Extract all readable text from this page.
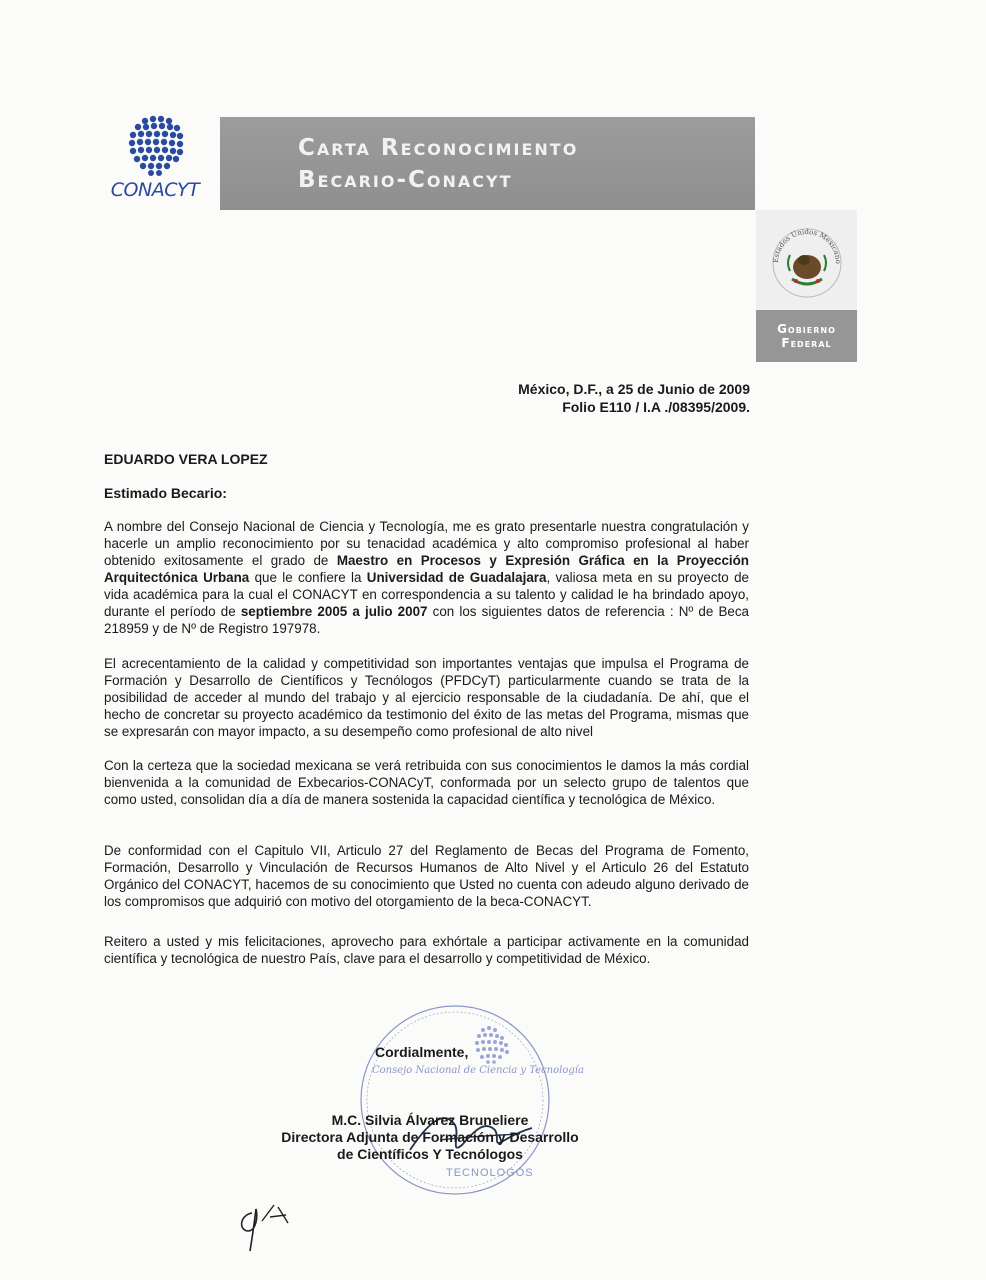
CONACYT
Carta Reconocimiento
Becario-Conacyt
Estados Unidos Mexicano
Gobierno
Federal
México, D.F., a 25 de Junio de 2009
Folio E110 / I.A ./08395/2009.
EDUARDO VERA LOPEZ
Estimado Becario:
A nombre del Consejo Nacional de Ciencia y Tecnología, me es grato presentarle nuestra congratulación y hacerle un amplio reconocimiento por su tenacidad académica y alto compromiso profesional al haber obtenido exitosamente el grado de Maestro en Procesos y Expresión Gráfica en la Proyección Arquitectónica Urbana que le confiere la Universidad de Guadalajara, valiosa meta en su proyecto de vida académica para la cual el CONACYT en correspondencia a su talento y calidad le ha brindado apoyo, durante el período de septiembre 2005 a julio 2007 con los siguientes datos de referencia : Nº de Beca 218959 y de Nº de Registro 197978.
El acrecentamiento de la calidad y competitividad son importantes ventajas que impulsa el Programa de Formación y Desarrollo de Científicos y Tecnólogos (PFDCyT) particularmente cuando se trata de la posibilidad de acceder al mundo del trabajo y al ejercicio responsable de la ciudadanía. De ahí, que el hecho de concretar su proyecto académico da testimonio del éxito de las metas del Programa, mismas que se expresarán con mayor impacto, a su desempeño como profesional de alto nivel
Con la certeza que la sociedad mexicana se verá retribuida con sus conocimientos le damos la más cordial bienvenida a la comunidad de Exbecarios-CONACyT, conformada por un selecto grupo de talentos que como usted, consolidan día a día de manera sostenida la capacidad científica y tecnológica de México.
De conformidad con el Capitulo VII, Articulo 27 del Reglamento de Becas del Programa de Fomento, Formación, Desarrollo y Vinculación de Recursos Humanos de Alto Nivel y el Articulo 26 del Estatuto Orgánico del CONACYT, hacemos de su conocimiento que Usted no cuenta con adeudo alguno derivado de los compromisos que adquirió con motivo del otorgamiento de la beca-CONACYT.
Reitero a usted y mis felicitaciones, aprovecho para exhórtale a participar activamente en la comunidad científica y tecnológica de nuestro País, clave para el desarrollo y competitividad de México.
Consejo Nacional de Ciencia y Tecnología
TECNOLOGOS
Cordialmente,
M.C. Silvia Álvarez Bruneliere
Directora Adjunta de Formación y Desarrollo
de Científicos Y Tecnólogos
